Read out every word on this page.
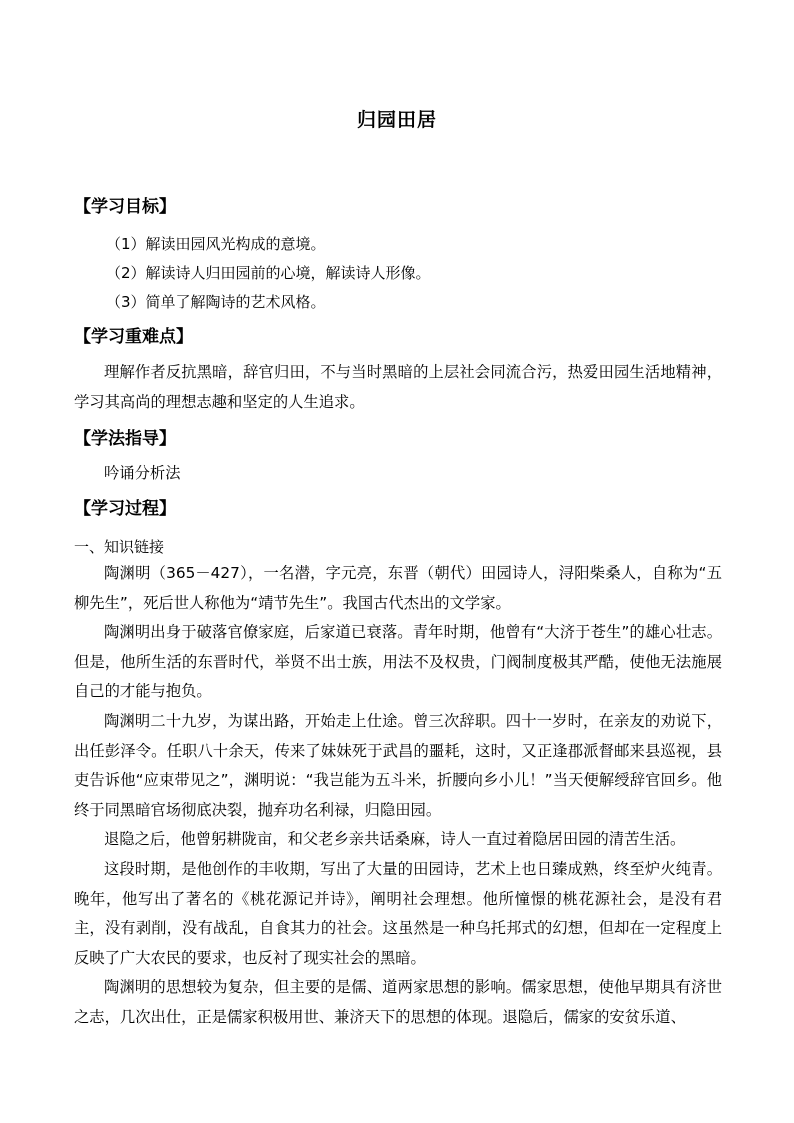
归园田居
【学习目标】
（1）解读田园风光构成的意境。
（2）解读诗人归田园前的心境，解读诗人形像。
（3）简单了解陶诗的艺术风格。
【学习重难点】
理解作者反抗黑暗，辞官归田，不与当时黑暗的上层社会同流合污，热爱田园生活地精神，学习其高尚的理想志趣和坚定的人生追求。
【学法指导】
吟诵分析法
【学习过程】
一、知识链接
陶渊明（365－427），一名潜，字元亮，东晋（朝代）田园诗人，浔阳柴桑人，自称为“五柳先生”，死后世人称他为“靖节先生”。我国古代杰出的文学家。
陶渊明出身于破落官僚家庭，后家道已衰落。青年时期，他曾有“大济于苍生”的雄心壮志。但是，他所生活的东晋时代，举贤不出士族，用法不及权贵，门阀制度极其严酷，使他无法施展自己的才能与抱负。
陶渊明二十九岁，为谋出路，开始走上仕途。曾三次辞职。四十一岁时，在亲友的劝说下，出任彭泽令。任职八十余天，传来了妹妹死于武昌的噩耗，这时，又正逢郡派督邮来县巡视，县吏告诉他“应束带见之”，渊明说：“我岂能为五斗米，折腰向乡小儿！”当天便解绶辞官回乡。他终于同黑暗官场彻底决裂，抛弃功名利禄，归隐田园。
退隐之后，他曾躬耕陇亩，和父老乡亲共话桑麻，诗人一直过着隐居田园的清苦生活。
这段时期，是他创作的丰收期，写出了大量的田园诗，艺术上也日臻成熟，终至炉火纯青。晚年，他写出了著名的《桃花源记并诗》，阐明社会理想。他所憧憬的桃花源社会，是没有君主，没有剥削，没有战乱，自食其力的社会。这虽然是一种乌托邦式的幻想，但却在一定程度上反映了广大农民的要求，也反衬了现实社会的黑暗。
陶渊明的思想较为复杂，但主要的是儒、道两家思想的影响。儒家思想，使他早期具有济世之志，几次出仕，正是儒家积极用世、兼济天下的思想的体现。退隐后，儒家的安贫乐道、
